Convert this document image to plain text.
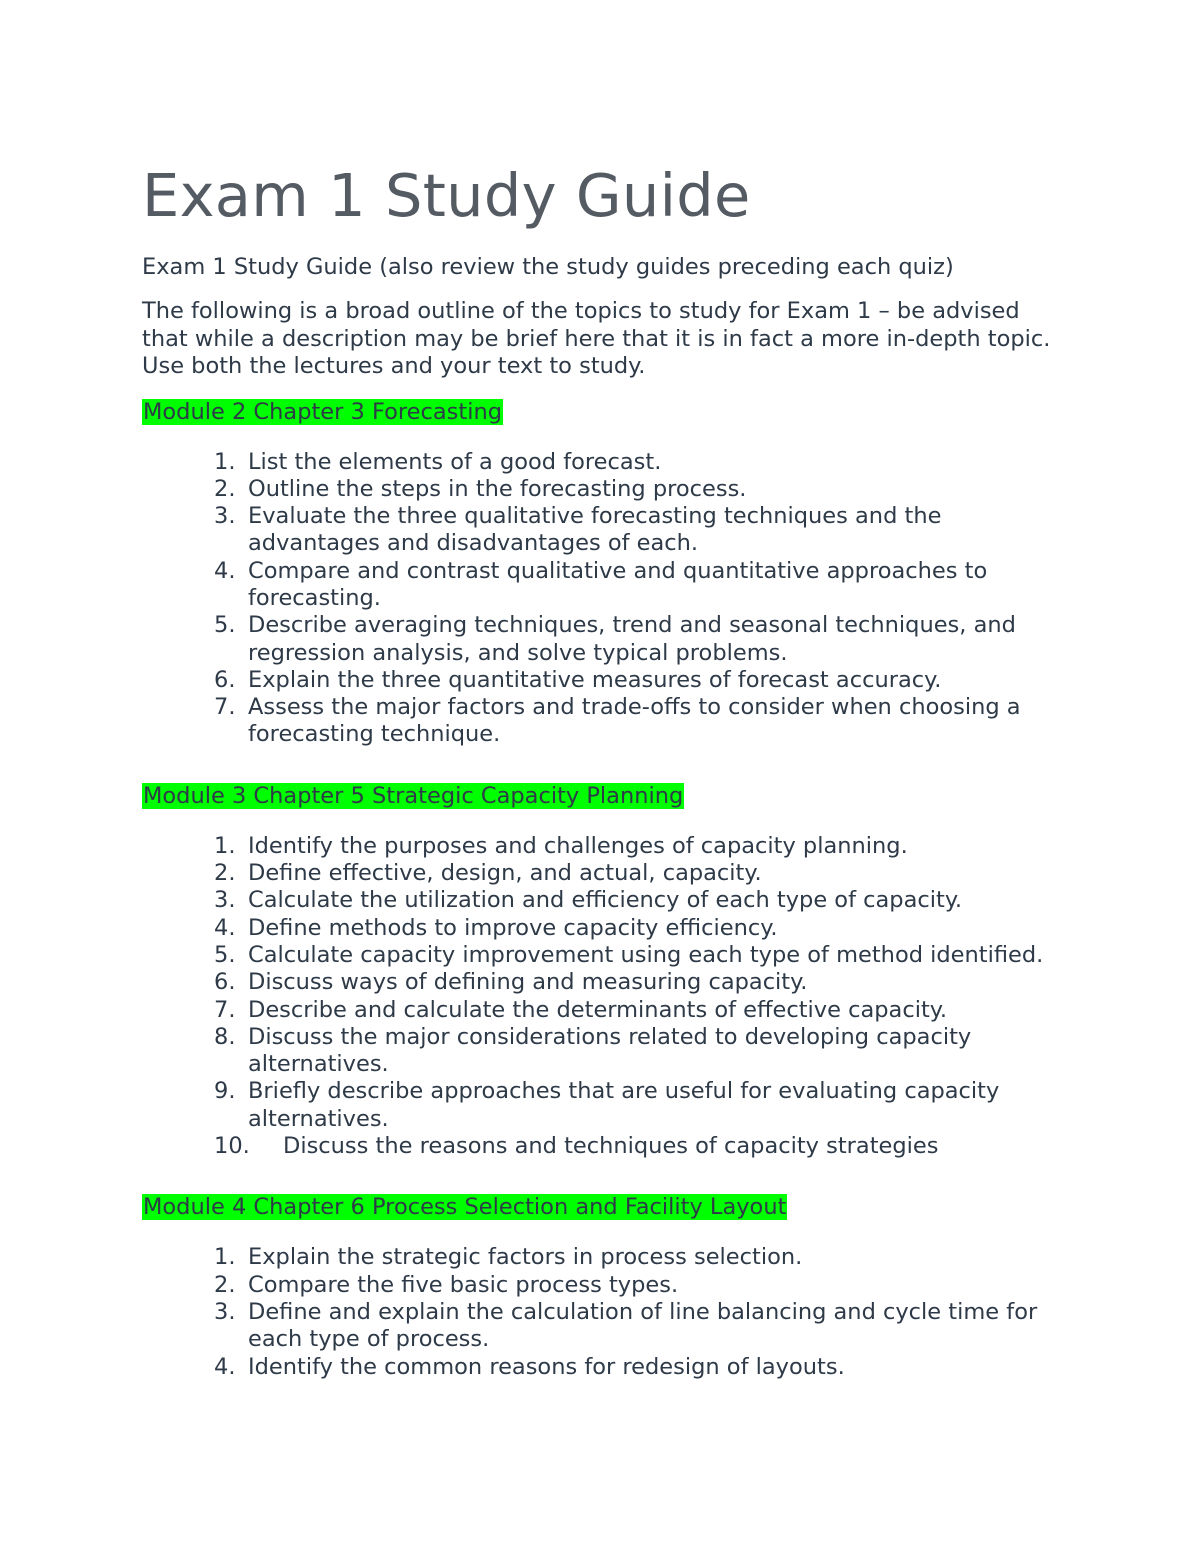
Exam 1 Study Guide

Exam 1 Study Guide (also review the study guides preceding each quiz)

The following is a broad outline of the topics to study for Exam 1 – be advised that while a description may be brief here that it is in fact a more in-depth topic. Use both the lectures and your text to study.

Module 2 Chapter 3 Forecasting

1. List the elements of a good forecast.
2. Outline the steps in the forecasting process.
3. Evaluate the three qualitative forecasting techniques and the advantages and disadvantages of each.
4. Compare and contrast qualitative and quantitative approaches to forecasting.
5. Describe averaging techniques, trend and seasonal techniques, and regression analysis, and solve typical problems.
6. Explain the three quantitative measures of forecast accuracy.
7. Assess the major factors and trade-offs to consider when choosing a forecasting technique.

Module 3 Chapter 5 Strategic Capacity Planning

1. Identify the purposes and challenges of capacity planning.
2. Define effective, design, and actual, capacity.
3. Calculate the utilization and efficiency of each type of capacity.
4. Define methods to improve capacity efficiency.
5. Calculate capacity improvement using each type of method identified.
6. Discuss ways of defining and measuring capacity.
7. Describe and calculate the determinants of effective capacity.
8. Discuss the major considerations related to developing capacity alternatives.
9. Briefly describe approaches that are useful for evaluating capacity alternatives.
10. Discuss the reasons and techniques of capacity strategies

Module 4 Chapter 6 Process Selection and Facility Layout

1. Explain the strategic factors in process selection.
2. Compare the five basic process types.
3. Define and explain the calculation of line balancing and cycle time for each type of process.
4. Identify the common reasons for redesign of layouts.
